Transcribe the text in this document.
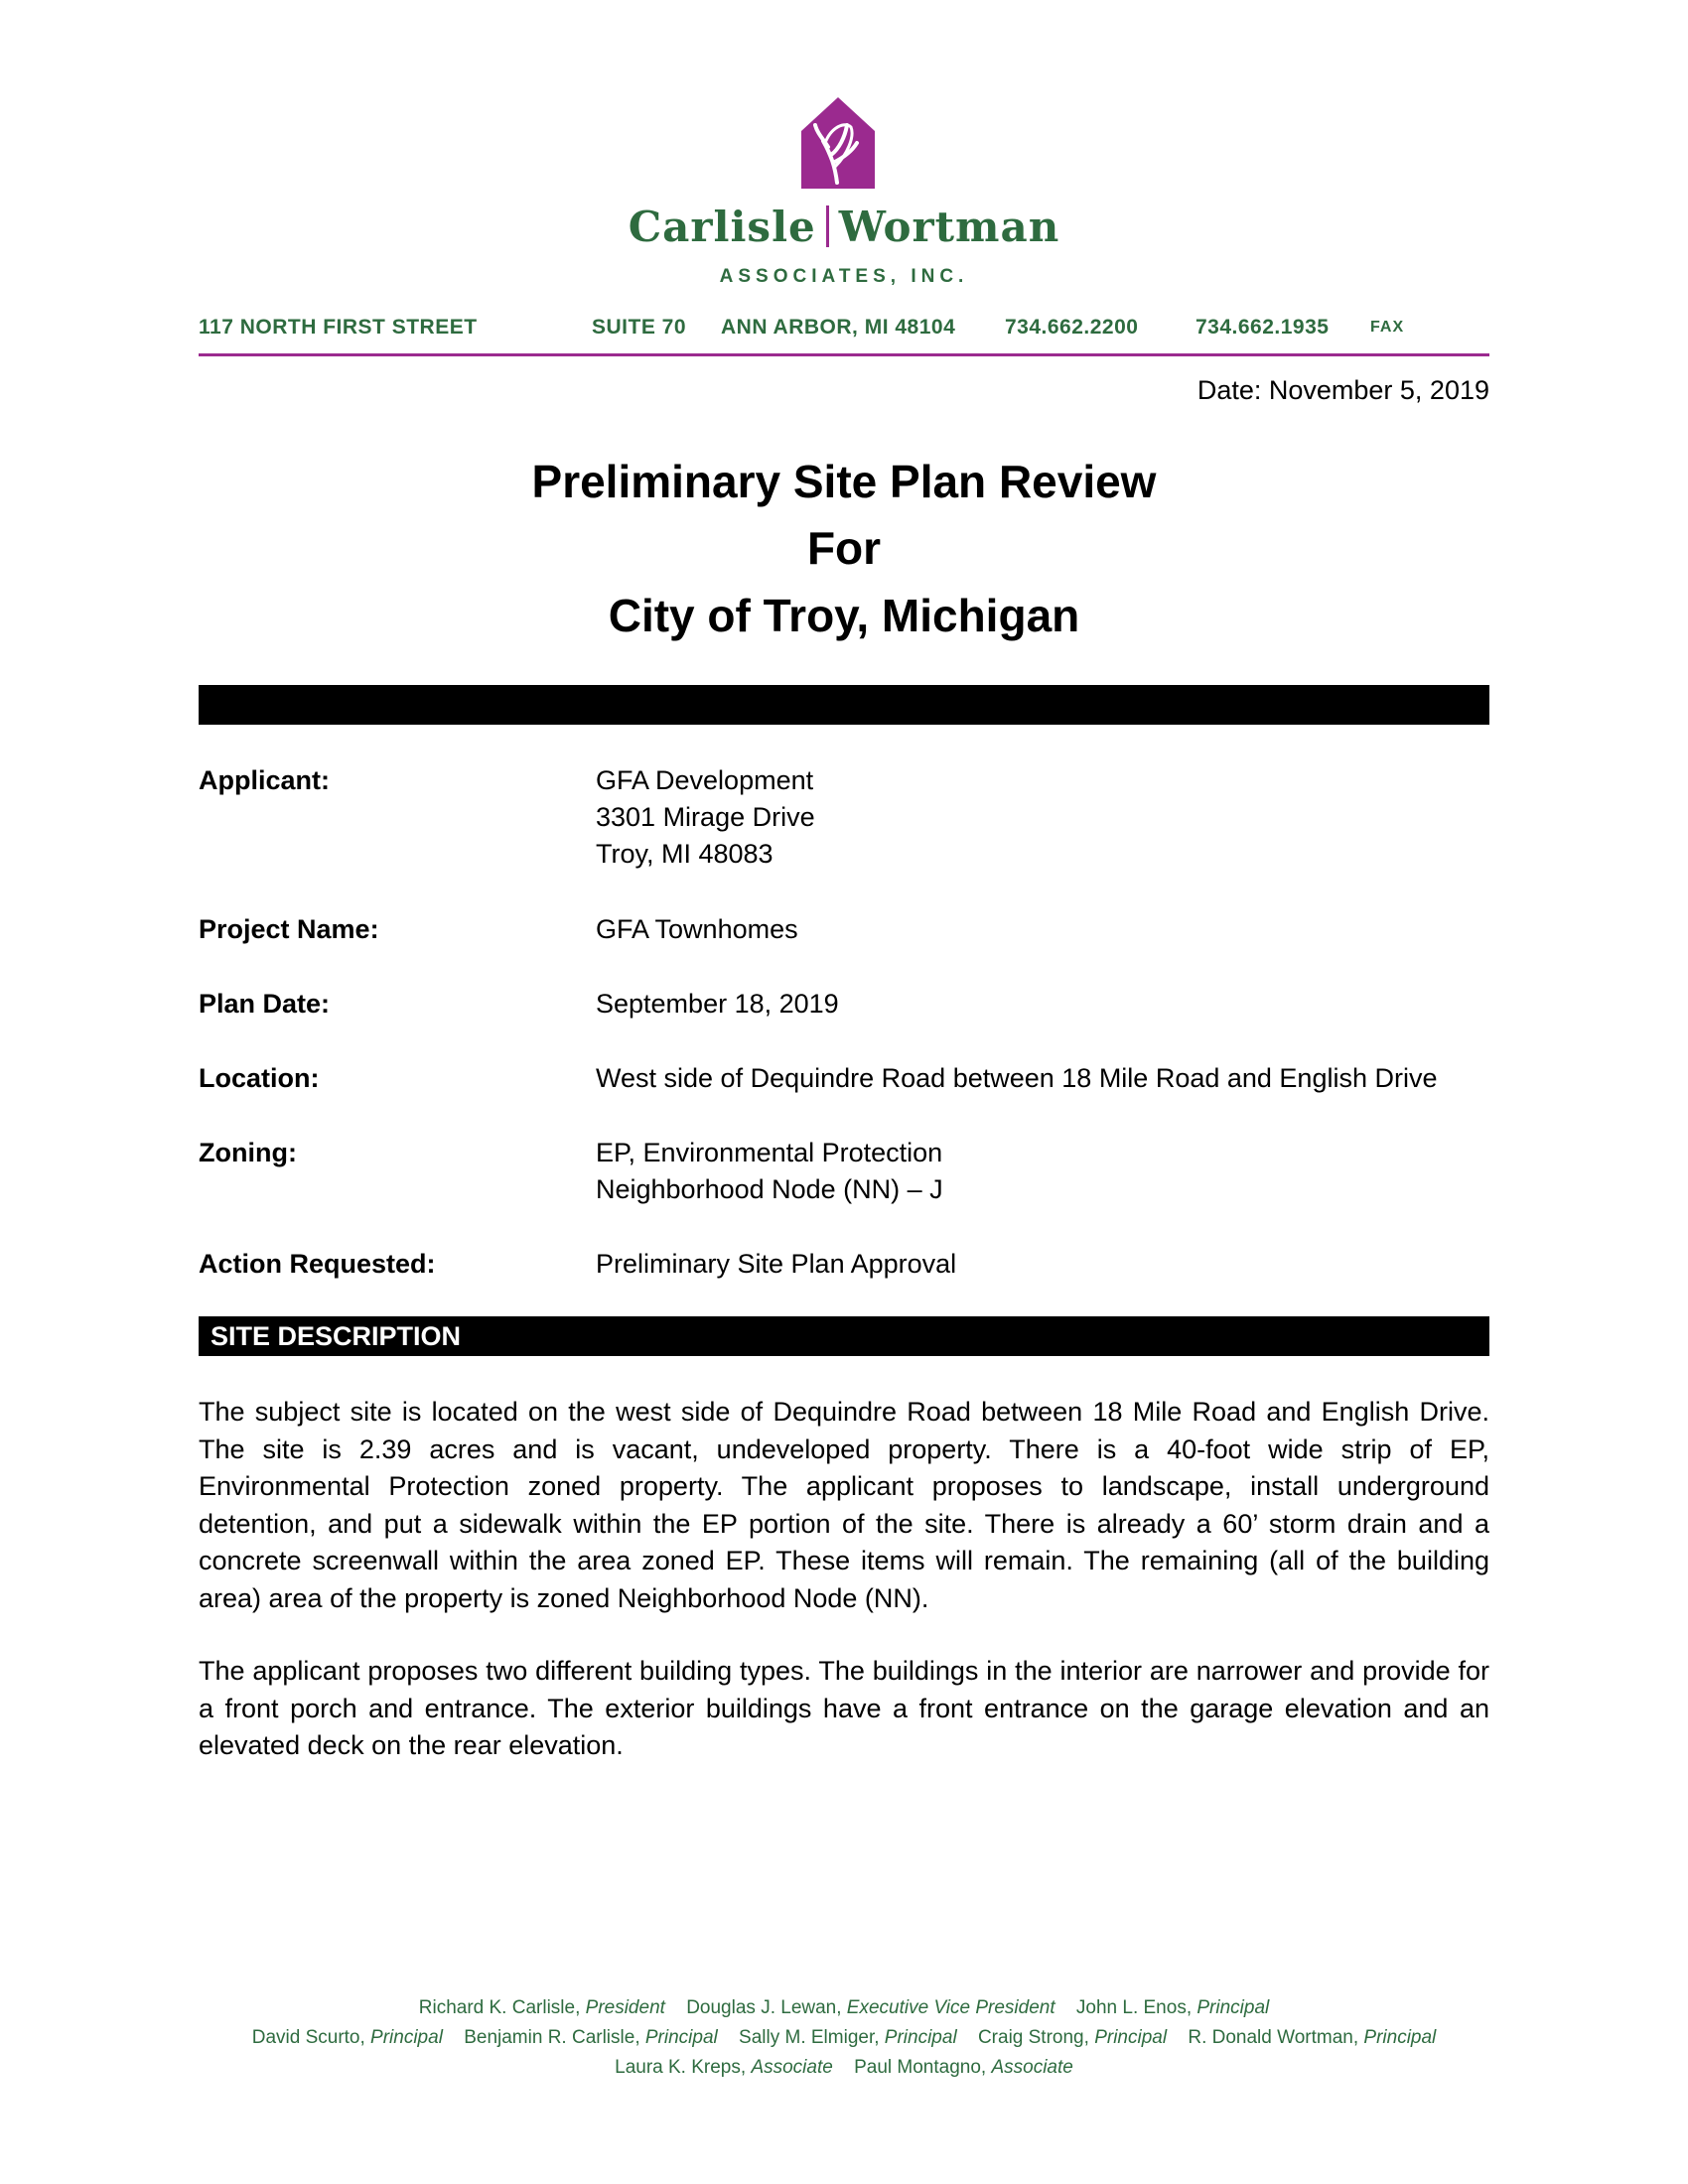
Carlisle Wortman
ASSOCIATES, INC.
117 NORTH FIRST STREET	SUITE 70 ANN ARBOR, MI 48104 734.662.2200	734.662.1935	FAX
Date: November 5, 2019
Preliminary Site Plan Review
For
City of Troy, Michigan
Applicant:	GFA Development
3301 Mirage Drive
Troy, MI 48083
Project Name:	GFA Townhomes
Plan Date:	September 18, 2019
Location:	West side of Dequindre Road between 18 Mile Road and English Drive
Zoning:	EP, Environmental Protection
Neighborhood Node (NN) – J
Action Requested:	Preliminary Site Plan Approval
SITE DESCRIPTION
The subject site is located on the west side of Dequindre Road between 18 Mile Road and English Drive. The site is 2.39 acres and is vacant, undeveloped property. There is a 40-foot wide strip of EP, Environmental Protection zoned property. The applicant proposes to landscape, install underground detention, and put a sidewalk within the EP portion of the site. There is already a 60’ storm drain and a concrete screenwall within the area zoned EP. These items will remain. The remaining (all of the building area) area of the property is zoned Neighborhood Node (NN).
The applicant proposes two different building types. The buildings in the interior are narrower and provide for a front porch and entrance. The exterior buildings have a front entrance on the garage elevation and an elevated deck on the rear elevation.
Richard K. Carlisle, President Douglas J. Lewan, Executive Vice President John L. Enos, Principal
David Scurto, Principal Benjamin R. Carlisle, Principal Sally M. Elmiger, Principal Craig Strong, Principal R. Donald Wortman, Principal
Laura K. Kreps, Associate Paul Montagno, Associate
